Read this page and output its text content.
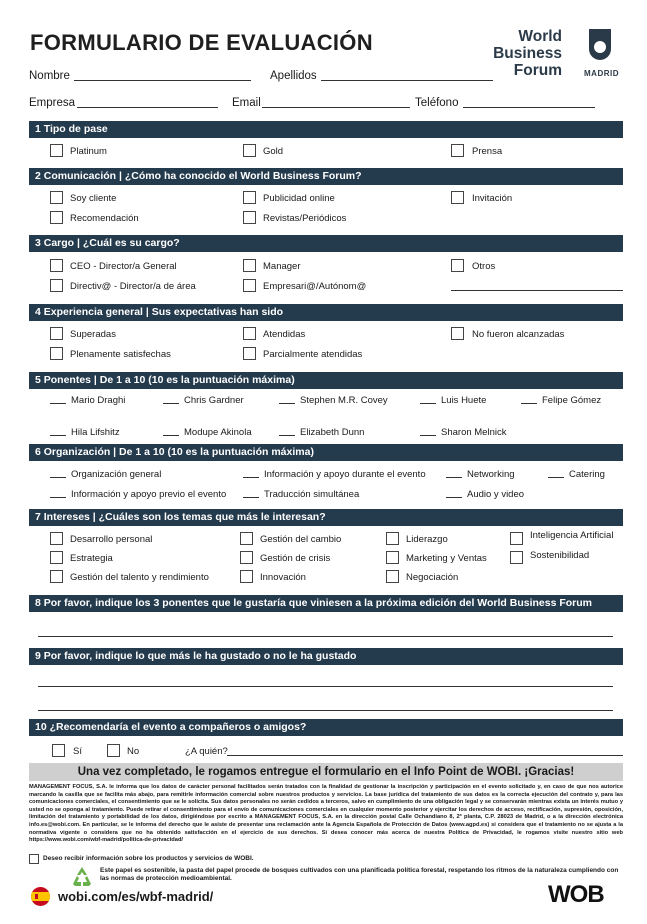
FORMULARIO DE EVALUACIÓN	World
Business
Forum	MADRID
Nombre	Apellidos
Empresa	Email	Teléfono
1 Tipo de pase
Platinum	Gold	Prensa
2 Comunicación | ¿Cómo ha conocido el World Business Forum?
Soy cliente	Publicidad online	Invitación
Recomendación	Revistas/Periódicos
3 Cargo | ¿Cuál es su cargo?
CEO - Director/a General	Manager	Otros
Directiv@ - Director/a de área	Empresari@/Autónom@
4 Experiencia general | Sus expectativas han sido
Superadas	Atendidas	No fueron alcanzadas
Plenamente satisfechas	Parcialmente atendidas
5 Ponentes | De 1 a 10 (10 es la puntuación máxima)
Mario Draghi	Chris Gardner	Stephen M.R. Covey	Luis Huete	Felipe Gómez
Hila Lifshitz	Modupe Akinola	Elizabeth Dunn	Sharon Melnick
6 Organización | De 1 a 10 (10 es la puntuación máxima)
Organización general	Información y apoyo durante el evento	Networking	Catering
Información y apoyo previo el evento	Traducción simultánea	Audio y video
7 Intereses | ¿Cuáles son los temas que más le interesan?
Desarrollo personal	Gestión del cambio	Liderazgo	Inteligencia Artificial
Estrategia	Gestión de crisis	Marketing y Ventas	Sostenibilidad
Gestión del talento y rendimiento	Innovación	Negociación
8 Por favor, indique los 3 ponentes que le gustaría que viniesen a la próxima edición del World Business Forum
9 Por favor, indique lo que más le ha gustado o no le ha gustado
10 ¿Recomendaría el evento a compañeros o amigos?
Sí	No	¿A quién?
Una vez completado, le rogamos entregue el formulario en el Info Point de WOBI. ¡Gracias!
MANAGEMENT FOCUS, S.A. le informa que los datos de carácter personal facilitados serán tratados con la finalidad de gestionar la inscripción y participación en el evento solicitado y, en caso de que nos autorice marcando la casilla que se facilita más abajo, para remitirle información comercial sobre nuestros productos y servicios. La base jurídica del tratamiento de sus datos es la correcta ejecución del contrato y, para las comunicaciones comerciales, el consentimiento que se le solicita. Sus datos personales no serán cedidos a terceros, salvo en cumplimiento de una obligación legal y se conservarán mientras exista un interés mutuo y usted no se oponga al tratamiento. Puede retirar el consentimiento para el envío de comunicaciones comerciales en cualquier momento posterior y ejercitar los derechos de acceso, rectificación, supresión, oposición, limitación del tratamiento y portabilidad de los datos, dirigiéndose por escrito a MANAGEMENT FOCUS, S.A. en la dirección postal Calle Ochandiano 8, 2ª planta, C.P. 28023 de Madrid, o a la dirección electrónica info.es@wobi.com. En particular, se le informa del derecho que le asiste de presentar una reclamación ante la Agencia Española de Protección de Datos (www.agpd.es) si considera que el tratamiento no se ajusta a la normativa vigente o considera que no ha obtenido satisfacción en el ejercicio de sus derechos. Si desea conocer más acerca de nuestra Política de Privacidad, le rogamos visite nuestro sitio web https://www.wobi.com/wbf-madrid/politica-de-privacidad/
Deseo recibir información sobre los productos y servicios de WOBI.
Este papel es sostenible, la pasta del papel procede de bosques cultivados con una planificada política forestal, respetando los ritmos de la naturaleza cumpliendo con las normas de protección medioambiental.
wobi.com/es/wbf-madrid/	WOB
